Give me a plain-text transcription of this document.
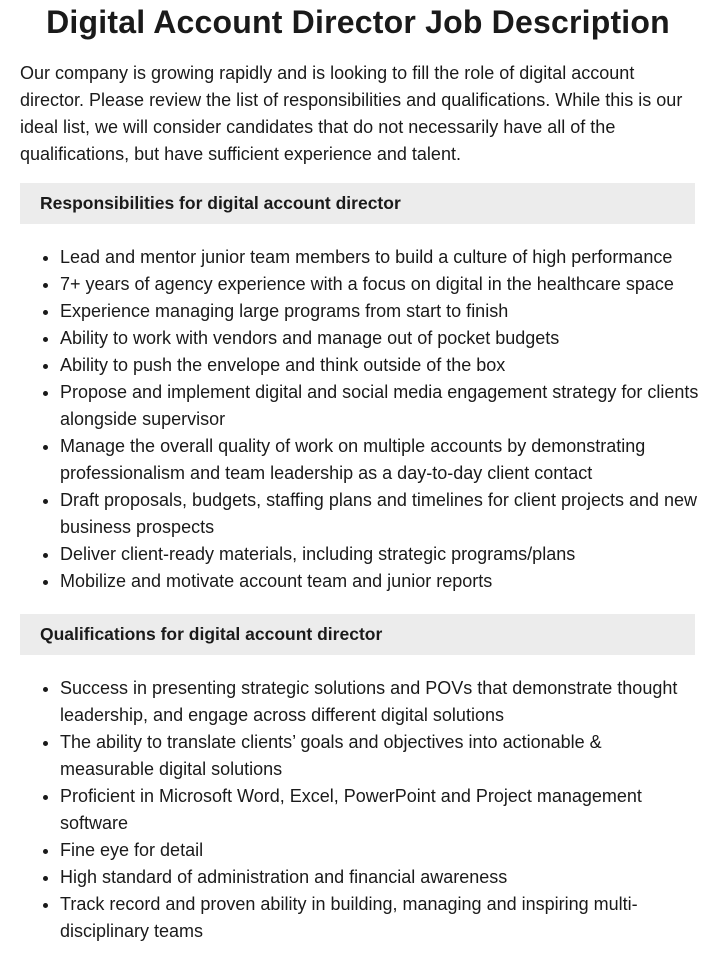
Digital Account Director Job Description

Our company is growing rapidly and is looking to fill the role of digital account director. Please review the list of responsibilities and qualifications. While this is our ideal list, we will consider candidates that do not necessarily have all of the qualifications, but have sufficient experience and talent.

Responsibilities for digital account director
• Lead and mentor junior team members to build a culture of high performance
• 7+ years of agency experience with a focus on digital in the healthcare space
• Experience managing large programs from start to finish
• Ability to work with vendors and manage out of pocket budgets
• Ability to push the envelope and think outside of the box
• Propose and implement digital and social media engagement strategy for clients alongside supervisor
• Manage the overall quality of work on multiple accounts by demonstrating professionalism and team leadership as a day-to-day client contact
• Draft proposals, budgets, staffing plans and timelines for client projects and new business prospects
• Deliver client-ready materials, including strategic programs/plans
• Mobilize and motivate account team and junior reports
Qualifications for digital account director
• Success in presenting strategic solutions and POVs that demonstrate thought leadership, and engage across different digital solutions
• The ability to translate clients’ goals and objectives into actionable & measurable digital solutions
• Proficient in Microsoft Word, Excel, PowerPoint and Project management software
• Fine eye for detail
• High standard of administration and financial awareness
• Track record and proven ability in building, managing and inspiring multi-disciplinary teams
